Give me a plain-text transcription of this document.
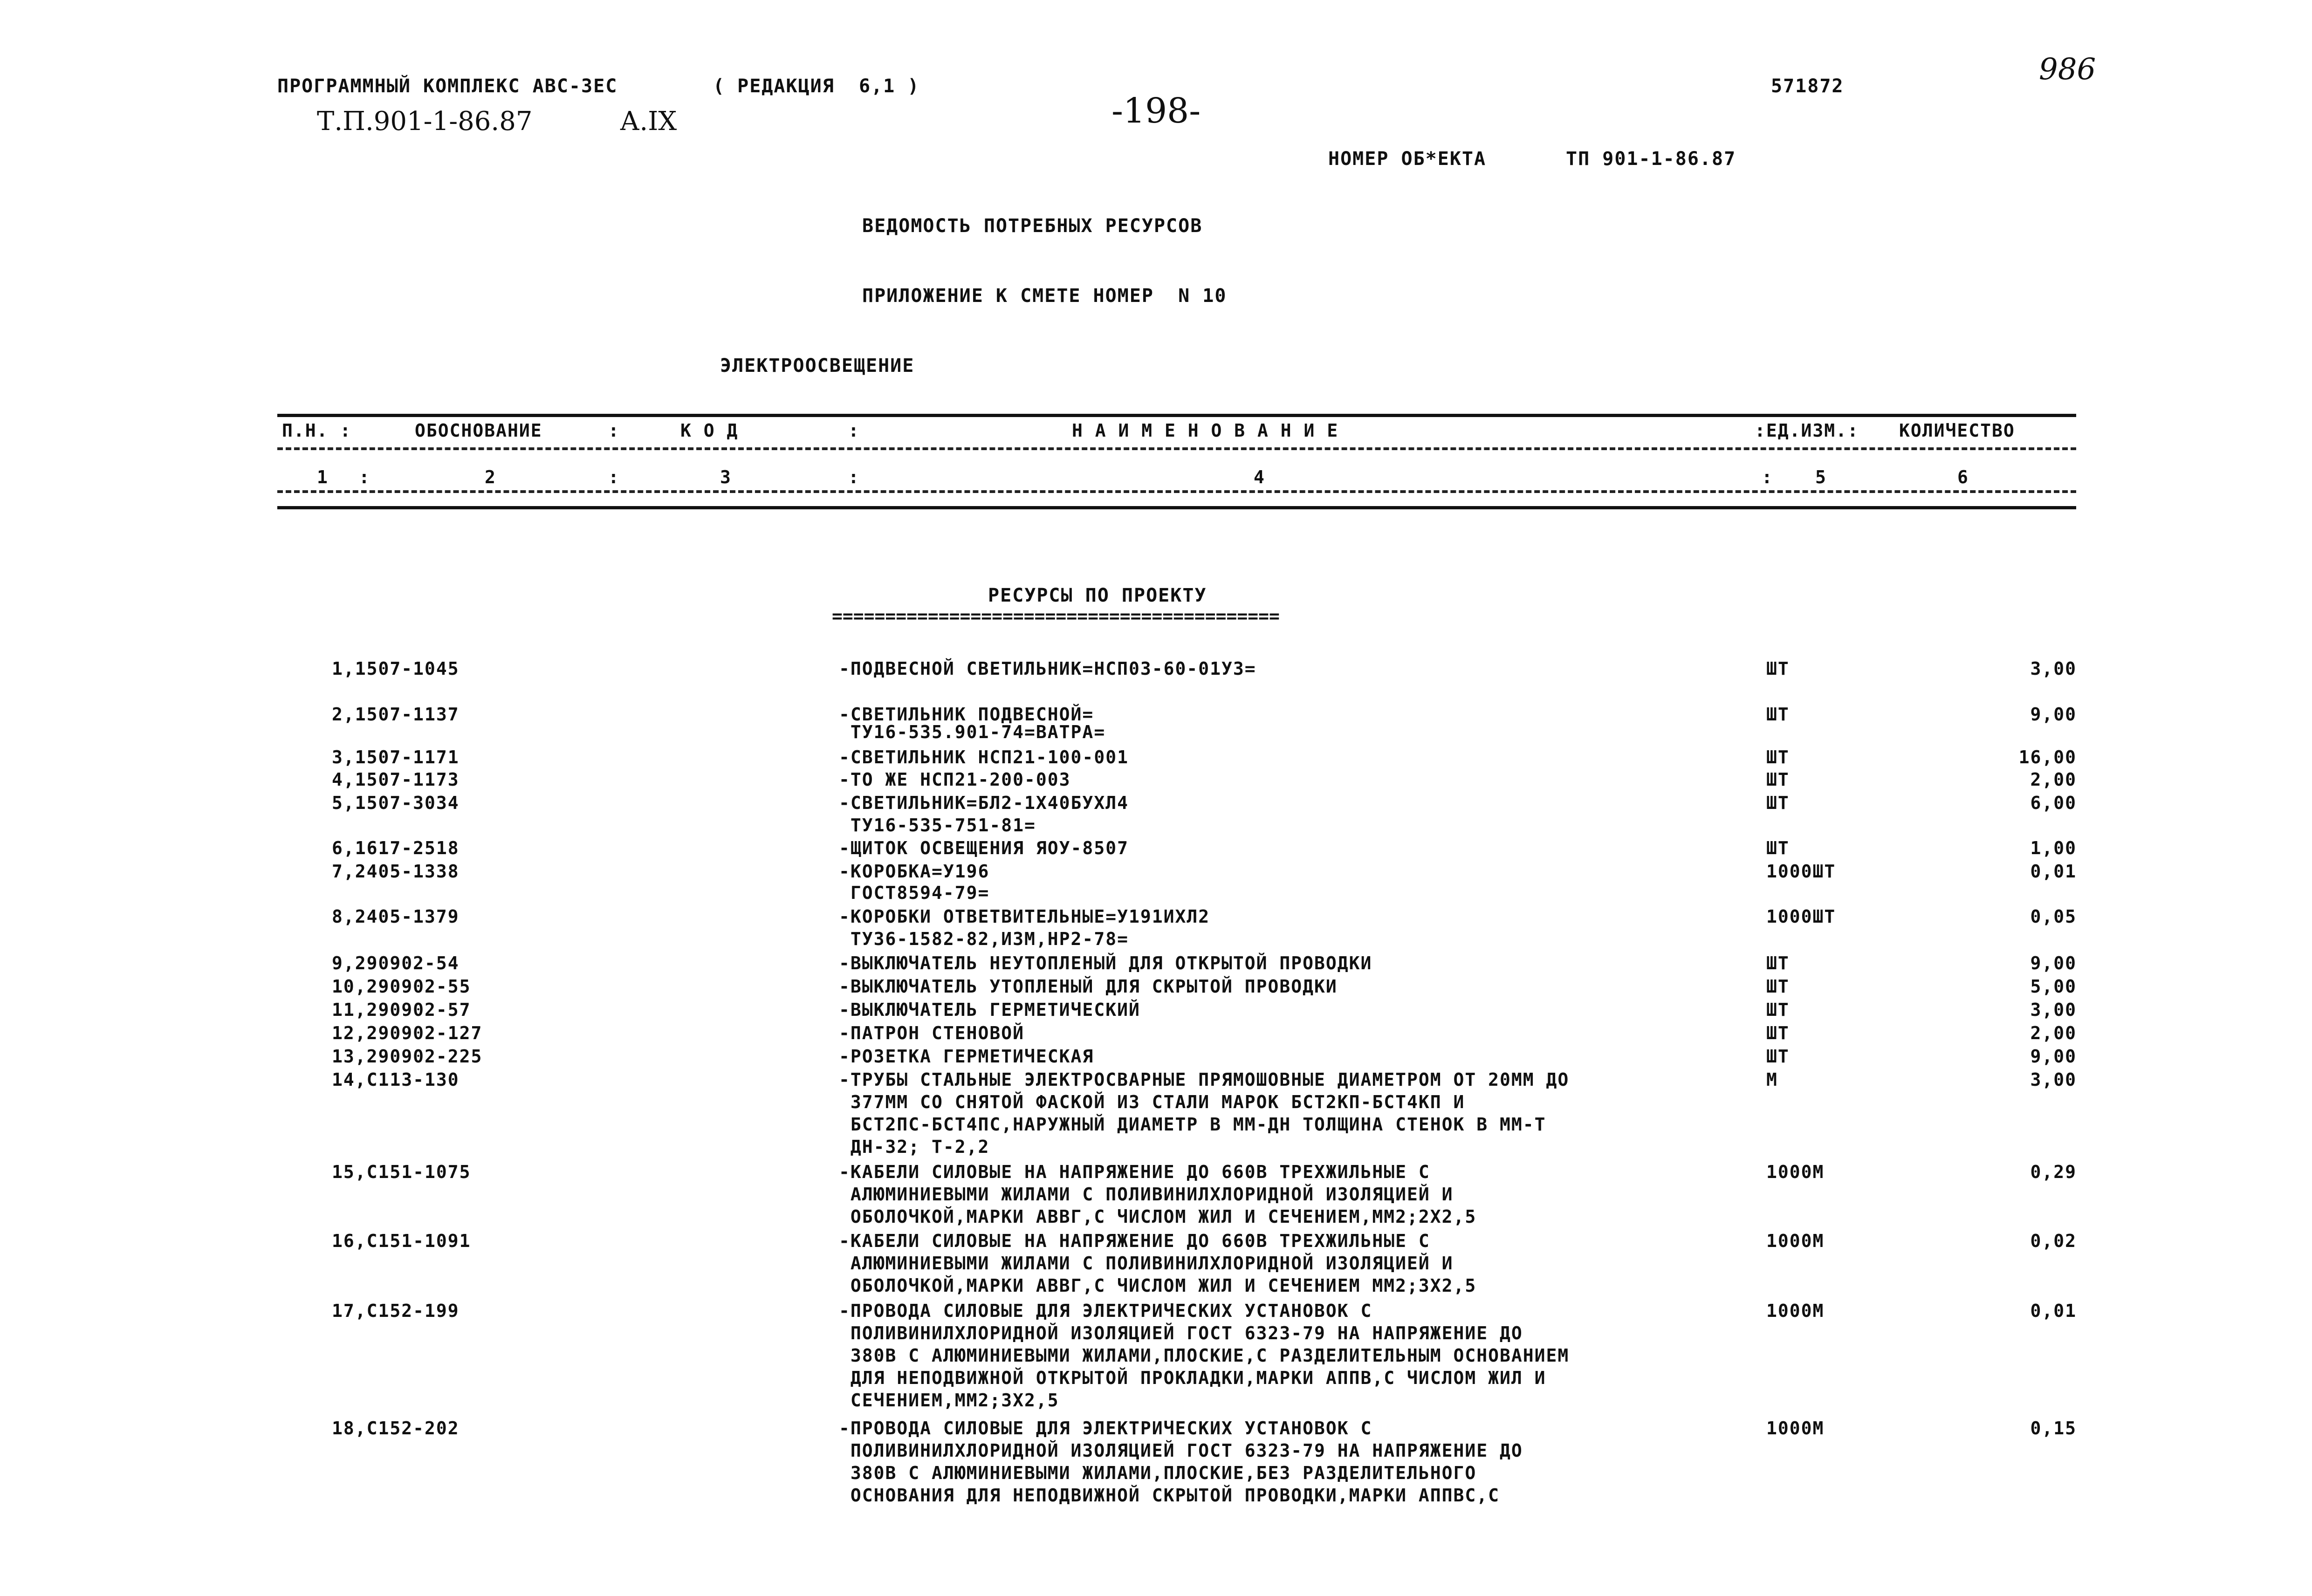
ПРОГРАММНЫЙ КОМПЛЕКС АВС-3ЕС	( РЕДАКЦИЯ  6,1 )
-198-
571872	986
Т.П.901-1-86.87	А.IX
НОМЕР ОБ*ЕКТА	ТП 901-1-86.87
ВЕДОМОСТЬ ПОТРЕБНЫХ РЕСУРСОВ
ПРИЛОЖЕНИЕ К СМЕТЕ НОМЕР  N 10
ЭЛЕКТРООСВЕЩЕНИЕ
П.Н. :	ОБОСНОВАНИЕ	:	К О Д	:	Н А И М Е Н О В А Н И Е	:ЕД.ИЗМ.: КОЛИЧЕСТВО
1 :	2	:	3	:	4	: 5	6
РЕСУРСЫ ПО ПРОЕКТУ
==========================================
1,1507-1045	-ПОДВЕСНОЙ СВЕТИЛЬНИК=НСП03-60-01У3=	ШТ	3,00
2,1507-1137	-СВЕТИЛЬНИК ПОДВЕСНОЙ=
ТУ16-535.901-74=ВАТРА=
ШТ	9,00
3,1507-1171	-СВЕТИЛЬНИК НСП21-100-001	ШТ	16,00
4,1507-1173	-ТО ЖЕ НСП21-200-003	ШТ	2,00
5,1507-3034	-СВЕТИЛЬНИК=БЛ2-1Х40БУХЛ4
ТУ16-535-751-81=
ШТ	6,00
6,1617-2518	-ЩИТОК ОСВЕЩЕНИЯ ЯОУ-8507	ШТ	1,00
7,2405-1338	-КОРОБКА=У196
ГОСТ8594-79=
1000ШТ	0,01
8,2405-1379	-КОРОБКИ ОТВЕТВИТЕЛЬНЫЕ=У191ИХЛ2
ТУ36-1582-82,ИЗМ,НР2-78=
1000ШТ	0,05
9,290902-54	-ВЫКЛЮЧАТЕЛЬ НЕУТОПЛЕНЫЙ ДЛЯ ОТКРЫТОЙ ПРОВОДКИ	ШТ	9,00
10,290902-55	-ВЫКЛЮЧАТЕЛЬ УТОПЛЕНЫЙ ДЛЯ СКРЫТОЙ ПРОВОДКИ	ШТ	5,00
11,290902-57	-ВЫКЛЮЧАТЕЛЬ ГЕРМЕТИЧЕСКИЙ	ШТ	3,00
12,290902-127	-ПАТРОН СТЕНОВОЙ	ШТ	2,00
13,290902-225	-РОЗЕТКА ГЕРМЕТИЧЕСКАЯ	ШТ	9,00
14,С113-130	-ТРУБЫ СТАЛЬНЫЕ ЭЛЕКТРОСВАРНЫЕ ПРЯМОШОВНЫЕ ДИАМЕТРОМ ОТ 20ММ ДО
377ММ СО СНЯТОЙ ФАСКОЙ ИЗ СТАЛИ МАРОК БСТ2КП-БСТ4КП И
БСТ2ПС-БСТ4ПС,НАРУЖНЫЙ ДИАМЕТР В ММ-ДН ТОЛЩИНА СТЕНОК В ММ-Т
ДН-32; Т-2,2
М	3,00
15,С151-1075	-КАБЕЛИ СИЛОВЫЕ НА НАПРЯЖЕНИЕ ДО 660В ТРЕХЖИЛЬНЫЕ С
АЛЮМИНИЕВЫМИ ЖИЛАМИ С ПОЛИВИНИЛХЛОРИДНОЙ ИЗОЛЯЦИЕЙ И
ОБОЛОЧКОЙ,МАРКИ АВВГ,С ЧИСЛОМ ЖИЛ И СЕЧЕНИЕМ,ММ2;2Х2,5
1000М	0,29
16,С151-1091	-КАБЕЛИ СИЛОВЫЕ НА НАПРЯЖЕНИЕ ДО 660В ТРЕХЖИЛЬНЫЕ С
АЛЮМИНИЕВЫМИ ЖИЛАМИ С ПОЛИВИНИЛХЛОРИДНОЙ ИЗОЛЯЦИЕЙ И
ОБОЛОЧКОЙ,МАРКИ АВВГ,С ЧИСЛОМ ЖИЛ И СЕЧЕНИЕМ ММ2;3Х2,5
1000М	0,02
17,С152-199	-ПРОВОДА СИЛОВЫЕ ДЛЯ ЭЛЕКТРИЧЕСКИХ УСТАНОВОК С
ПОЛИВИНИЛХЛОРИДНОЙ ИЗОЛЯЦИЕЙ ГОСТ 6323-79 НА НАПРЯЖЕНИЕ ДО
380В С АЛЮМИНИЕВЫМИ ЖИЛАМИ,ПЛОСКИЕ,С РАЗДЕЛИТЕЛЬНЫМ ОСНОВАНИЕМ
ДЛЯ НЕПОДВИЖНОЙ ОТКРЫТОЙ ПРОКЛАДКИ,МАРКИ АППВ,С ЧИСЛОМ ЖИЛ И
СЕЧЕНИЕМ,ММ2;3Х2,5
1000М	0,01
18,С152-202	-ПРОВОДА СИЛОВЫЕ ДЛЯ ЭЛЕКТРИЧЕСКИХ УСТАНОВОК С
ПОЛИВИНИЛХЛОРИДНОЙ ИЗОЛЯЦИЕЙ ГОСТ 6323-79 НА НАПРЯЖЕНИЕ ДО
380В С АЛЮМИНИЕВЫМИ ЖИЛАМИ,ПЛОСКИЕ,БЕЗ РАЗДЕЛИТЕЛЬНОГО
ОСНОВАНИЯ ДЛЯ НЕПОДВИЖНОЙ СКРЫТОЙ ПРОВОДКИ,МАРКИ АППВС,С
1000М	0,15
